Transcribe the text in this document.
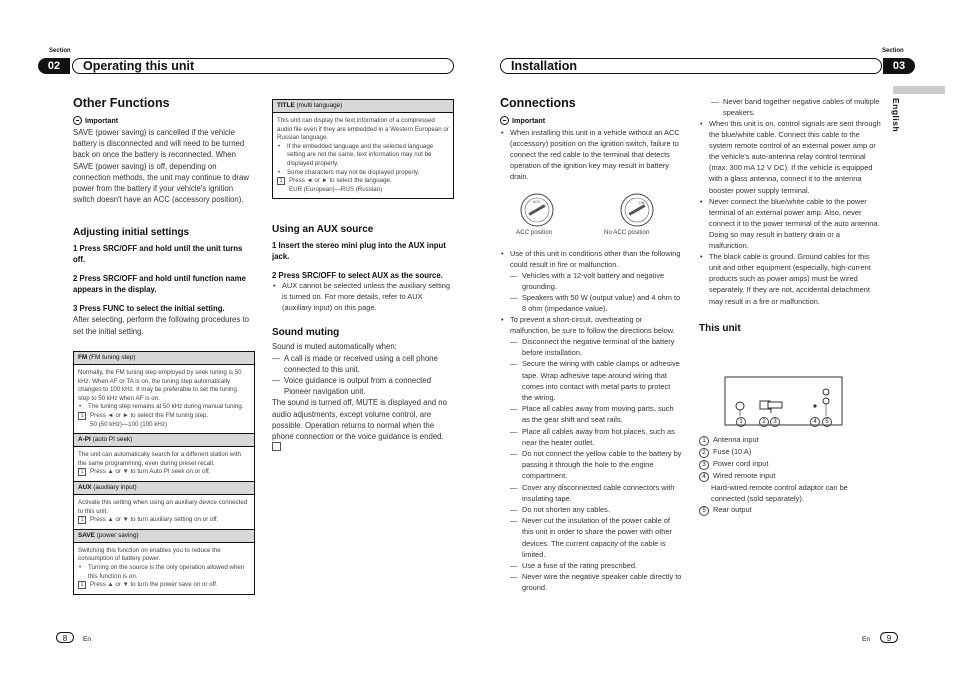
Section
02	Operating this unit
Section
Installation	03
Other Functions
Important

SAVE (power saving) is cancelled if the vehicle battery is disconnected and will need to be turned back on once the battery is reconnected. When SAVE (power saving) is off, depending on connection methods, the unit may continue to draw power from the battery if your vehicle's ignition switch doesn't have an ACC (accessory position).

Adjusting initial settings

1 Press SRC/OFF and hold until the unit turns off.

2 Press SRC/OFF and hold until function name appears in the display.

3 Press FUNC to select the initial setting.

After selecting, perform the following procedures to set the initial setting.

FM (FM tuning step)

Normally, the FM tuning step employed by seek tuning is 50 kHz. When AF or TA is on, the tuning step automatically changes to 100 kHz. It may be preferable to set the tuning step to 50 kHz when AF is on.

• The tuning step remains at 50 kHz during manual tuning.
1	Press ◄ or ► to select the FM tuning step.
50 (50 kHz)—100 (100 kHz)
A-PI (auto PI seek)

The unit can automatically search for a different station with the same programming, even during preset recall.

1	Press ▲ or ▼ to turn Auto PI seek on or off.
AUX (auxiliary input)

Activate this setting when using an auxiliary device connected to this unit.

1	Press ▲ or ▼ to turn auxiliary setting on or off.
SAVE (power saving)

Switching this function on enables you to reduce the consumption of battery power.

• Turning on the source is the only operation allowed when this function is on.
1	Press ▲ or ▼ to turn the power save on or off.
TITLE (multi language)

This unit can display the text information of a compressed audio file even if they are embedded in a Western European or Russian language.

• If the embedded language and the selected language setting are not the same, text information may not be displayed properly.
• Some characters may not be displayed properly.
1	Press ◄ or ► to select the language.
EUR (European)—RUS (Russian)
Using an AUX source

1 Insert the stereo mini plug into the AUX input jack.

2 Press SRC/OFF to select AUX as the source.

• AUX cannot be selected unless the auxiliary setting is turned on. For more details, refer to AUX (auxiliary input) on this page.
Sound muting

Sound is muted automatically when:

— A call is made or received using a cell phone connected to this unit.
— Voice guidance is output from a connected Pioneer navigation unit.

The sound is turned off, MUTE is displayed and no audio adjustments, except volume control, are possible. Operation returns to normal when the phone connection or the voice guidance is ended.

Connections
Important
• When installing this unit in a vehicle without an ACC (accessory) position on the ignition switch, failure to connect the red cable to the terminal that detects operation of the ignition key may result in battery drain.
ACC	ON
ACC position	No ACC position
• Use of this unit in conditions other than the following could result in fire or malfunction.
— Vehicles with a 12-volt battery and negative grounding.
— Speakers with 50 W (output value) and 4 ohm to 8 ohm (impedance value).
• To prevent a short-circuit, overheating or malfunction, be sure to follow the directions below.
— Disconnect the negative terminal of the battery before installation.
— Secure the wiring with cable clamps or adhesive tape. Wrap adhesive tape around wiring that comes into contact with metal parts to protect the wiring.
— Place all cables away from moving parts, such as the gear shift and seat rails.
— Place all cables away from hot places, such as near the heater outlet.
— Do not connect the yellow cable to the battery by passing it through the hole to the engine compartment.
— Cover any disconnected cable connectors with insulating tape.
— Do not shorten any cables.
— Never cut the insulation of the power cable of this unit in order to share the power with other devices. The current capacity of the cable is limited.
— Use a fuse of the rating prescribed.
— Never wire the negative speaker cable directly to ground.
— Never band together negative cables of multiple speakers.
• When this unit is on, control signals are sent through the blue/white cable. Connect this cable to the system remote control of an external power amp or the vehicle's auto-antenna relay control terminal (max. 300 mA 12 V DC). If the vehicle is equipped with a glass antenna, connect it to the antenna booster power supply terminal.
• Never connect the blue/white cable to the power terminal of an external power amp. Also, never connect it to the power terminal of the auto antenna. Doing so may result in battery drain or a malfunction.
• The black cable is ground. Ground cables for this unit and other equipment (especially, high-current products such as power amps) must be wired separately. If they are not, accidental detachment may result in a fire or malfunction.
This unit
1	2	3	4	5
1 Antenna input
2 Fuse (10 A)
3 Power cord input
4 Wired remote input
Hard-wired remote control adaptor can be connected (sold separately).
5 Rear output
English
8	En	En	9
